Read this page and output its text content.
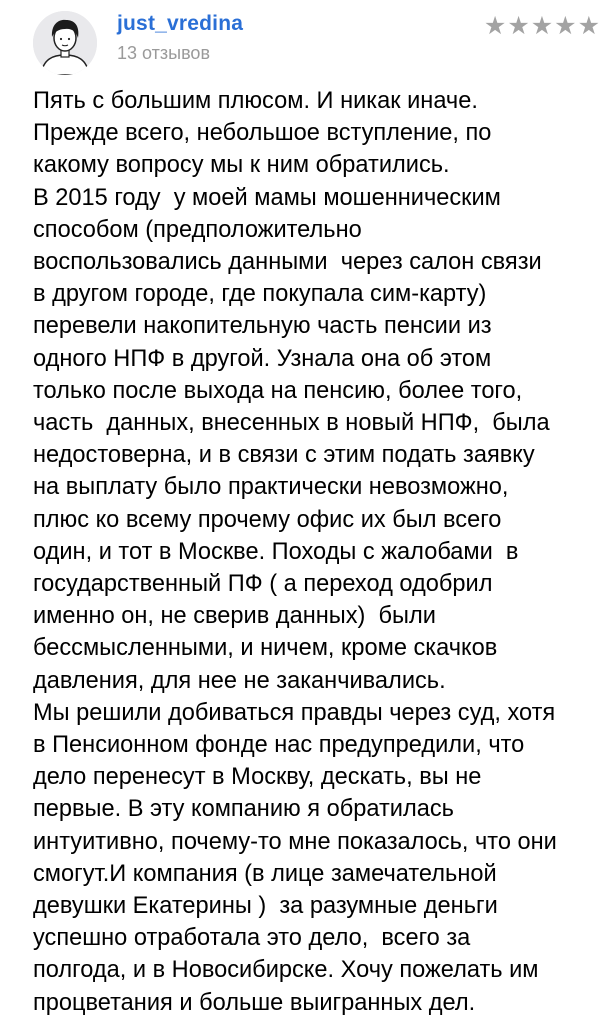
just_vredina
13 отзывов
★ ★ ★ ★ ★
Пять с большим плюсом. И никак иначе.
Прежде всего, небольшое вступление, по
какому вопросу мы к ним обратились.
В 2015 году  у моей мамы мошенническим
способом (предположительно
воспользовались данными  через салон связи
в другом городе, где покупала сим-карту)
перевели накопительную часть пенсии из
одного НПФ в другой. Узнала она об этом
только после выхода на пенсию, более того,
часть  данных, внесенных в новый НПФ,  была
недостоверна, и в связи с этим подать заявку
на выплату было практически невозможно,
плюс ко всему прочему офис их был всего
один, и тот в Москве. Походы с жалобами  в
государственный ПФ ( а переход одобрил
именно он, не сверив данных)  были
бессмысленными, и ничем, кроме скачков
давления, для нее не заканчивались.
Мы решили добиваться правды через суд, хотя
в Пенсионном фонде нас предупредили, что
дело перенесут в Москву, дескать, вы не
первые. В эту компанию я обратилась
интуитивно, почему-то мне показалось, что они
смогут.И компания (в лице замечательной
девушки Екатерины )  за разумные деньги
успешно отработала это дело,  всего за
полгода, и в Новосибирске. Хочу пожелать им
процветания и больше выигранных дел.
